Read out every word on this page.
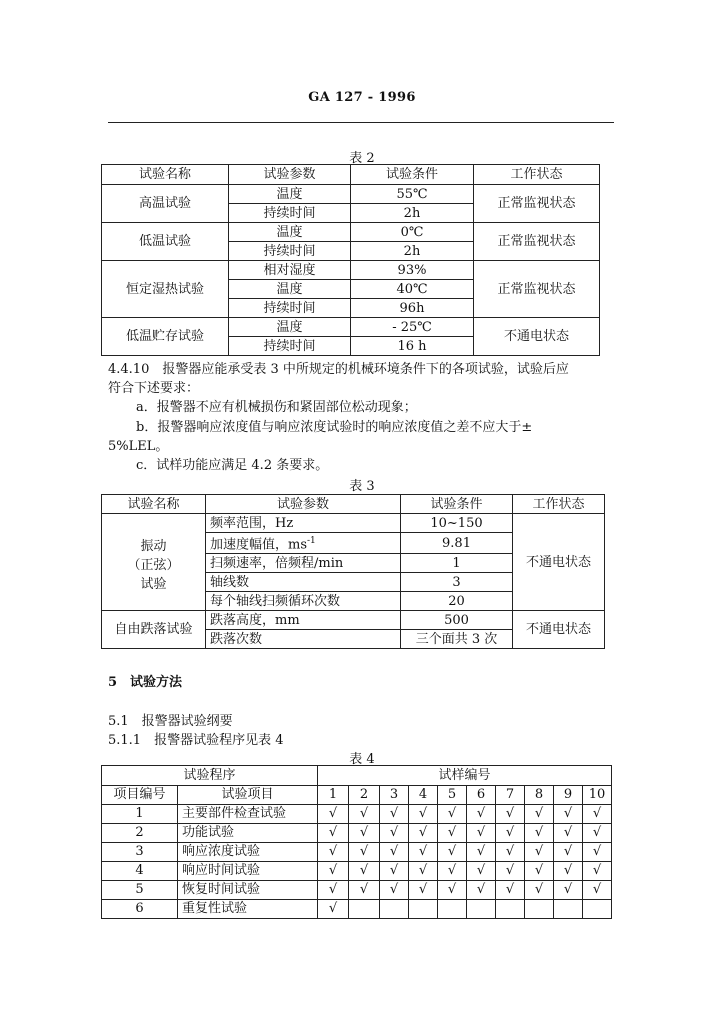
GA 127 - 1996
表 2
试验名称	试验参数	试验条件	工作状态
高温试验	温度	55℃	正常监视状态
	持续时间	2h	
低温试验	温度	0℃	正常监视状态
	持续时间	2h	
恒定湿热试验	相对湿度	93%	正常监视状态
	温度	40℃	
	持续时间	96h	
低温贮存试验	温度	- 25℃	不通电状态
	持续时间	16 h	
4.4.10　报警器应能承受表 3 中所规定的机械环境条件下的各项试验，试验后应
符合下述要求：
a．报警器不应有机械损伤和紧固部位松动现象；
b．报警器响应浓度值与响应浓度试验时的响应浓度值之差不应大于±
5%LEL。
c．试样功能应满足 4.2 条要求。
表 3
试验名称	试验参数	试验条件	工作状态

振动
（正弦）
试验	频率范围，Hz	10~150	不通电状态
	加速度幅值，$ms^{-1}$	9.81	
	扫频速率，倍频程/min	1	
	轴线数	3	
	每个轴线扫频循环次数	20	
自由跌落试验	跌落高度，mm	500	不通电状态
	跌落次数	三个面共 3 次	
5　试验方法
5.1　报警器试验纲要
5.1.1　报警器试验程序见表 4
表 4
试验程序		试样编号									
项目编号	试验项目	1	2	3	4	5	6	7	8	9	10
1	主要部件检查试验	√	√	√	√	√	√	√	√	√	√
2	功能试验	√	√	√	√	√	√	√	√	√	√
3	响应浓度试验	√	√	√	√	√	√	√	√	√	√
4	响应时间试验	√	√	√	√	√	√	√	√	√	√
5	恢复时间试验	√	√	√	√	√	√	√	√	√	√
6	重复性试验	√									
